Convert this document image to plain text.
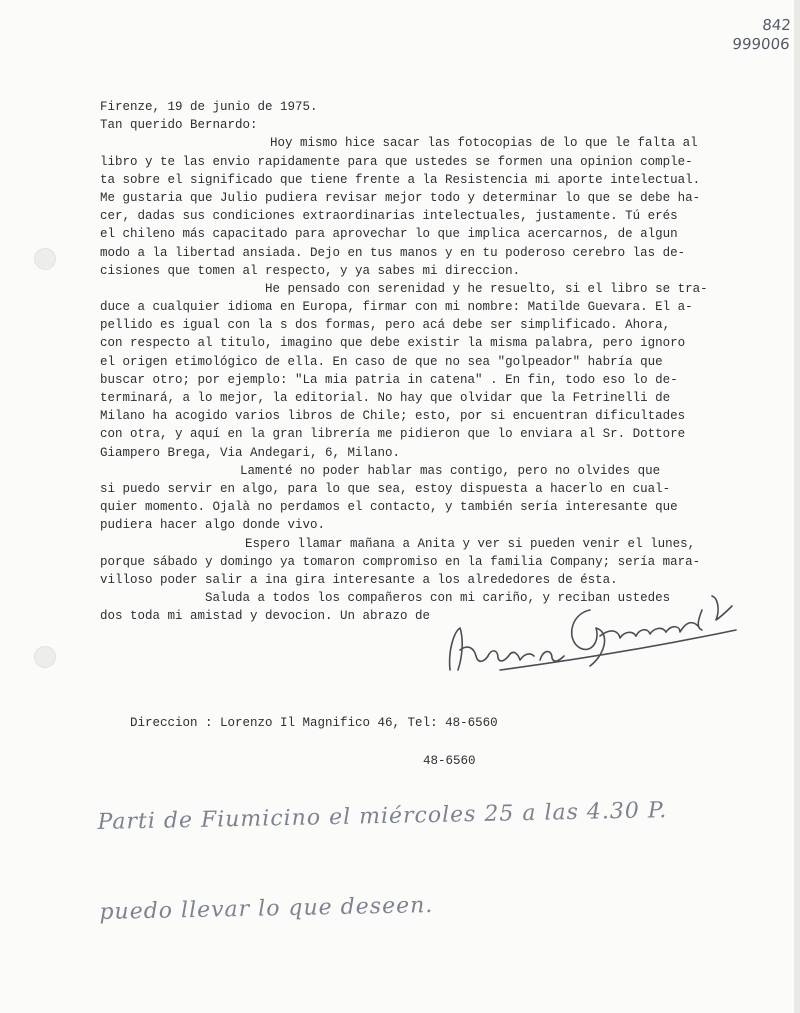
842
999006
Firenze, 19 de junio de 1975.
Tan querido Bernardo:
Hoy mismo hice sacar las fotocopias de lo que le falta al
libro y te las envio rapidamente para que ustedes se formen una opinion comple-
ta sobre el significado que tiene frente a la Resistencia mi aporte intelectual.
Me gustaria que Julio pudiera revisar mejor todo y determinar lo que se debe ha-
cer, dadas sus condiciones extraordinarias intelectuales, justamente. Tú erés
el chileno más capacitado para aprovechar lo que implica acercarnos, de algun
modo a la libertad ansiada. Dejo en tus manos y en tu poderoso cerebro las de-
cisiones que tomen al respecto, y ya sabes mi direccion.
He pensado con serenidad y he resuelto, si el libro se tra-
duce a cualquier idioma en Europa, firmar con mi nombre: Matilde Guevara. El a-
pellido es igual con la s dos formas, pero acá debe ser simplificado. Ahora,
con respecto al titulo, imagino que debe existir la misma palabra, pero ignoro
el origen etimológico de ella. En caso de que no sea "golpeador" habría que
buscar otro; por ejemplo: "La mia patria in catena" . En fin, todo eso lo de-
terminará, a lo mejor, la editorial. No hay que olvidar que la Fetrinelli de
Milano ha acogido varios libros de Chile; esto, por si encuentran dificultades
con otra, y aquí en la gran librería me pidieron que lo enviara al Sr. Dottore
Giampero Brega, Via Andegari, 6, Milano.
Lamenté no poder hablar mas contigo, pero no olvides que
si puedo servir en algo, para lo que sea, estoy dispuesta a hacerlo en cual-
quier momento. Ojalà no perdamos el contacto, y también sería interesante que
pudiera hacer algo donde vivo.
Espero llamar mañana a Anita y ver si pueden venir el lunes,
porque sábado y domingo ya tomaron compromiso en la familia Company; sería mara-
villoso poder salir a ina gira interesante a los alrededores de ésta.
Saluda a todos los compañeros con mi cariño, y reciban ustedes
dos toda mi amistad y devocion. Un abrazo de

Direccion : Lorenzo Il Magnifico 46, Tel: 48-6560

48-6560

Parti de Fiumicino el miércoles 25 a las 4.30 P.

puedo llevar lo que deseen.
